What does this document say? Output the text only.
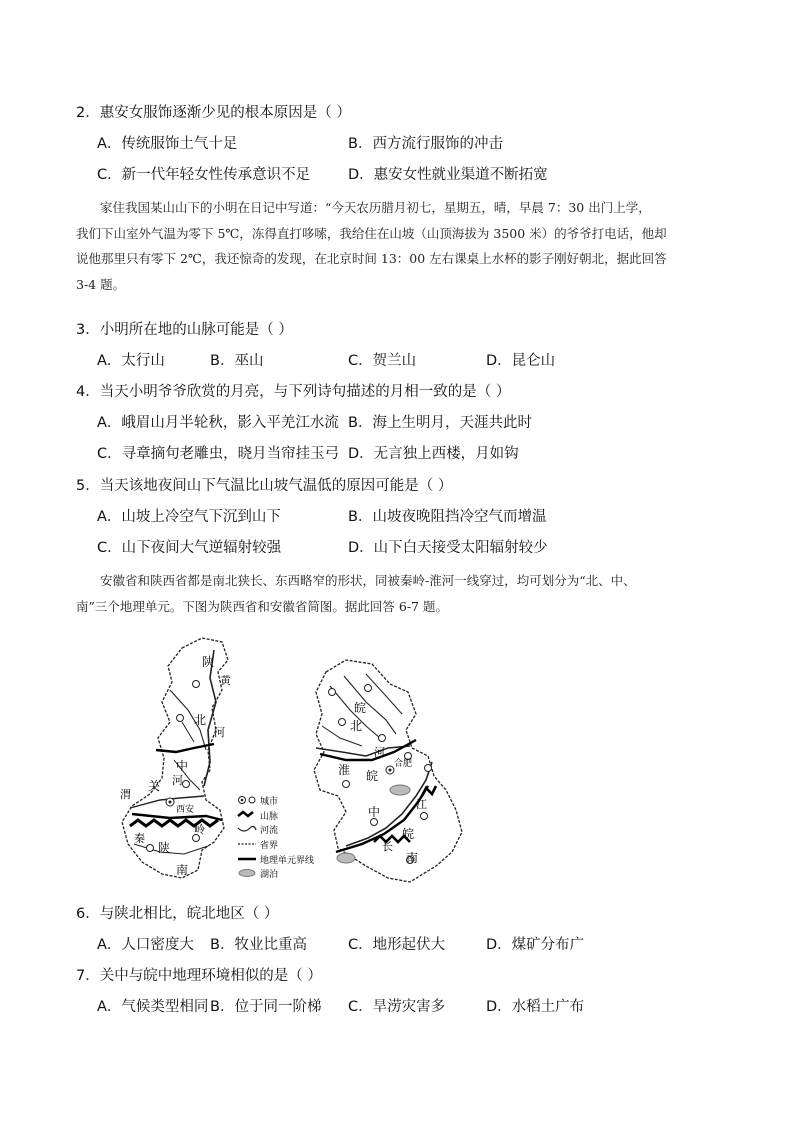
2．惠安女服饰逐渐少见的根本原因是（ ）
A．传统服饰土气十足	B．西方流行服饰的冲击
C．新一代年轻女性传承意识不足	D．惠安女性就业渠道不断拓宽
家住我国某山山下的小明在日记中写道：“今天农历腊月初七，星期五，晴，早晨 7：30 出门上学，
我们下山室外气温为零下 5℃，冻得直打哆嗦，我给住在山坡（山顶海拔为 3500 米）的爷爷打电话，他却
说他那里只有零下 2℃，我还惊奇的发现，在北京时间 13：00 左右课桌上水杯的影子刚好朝北，据此回答
3-4 题。
3．小明所在地的山脉可能是（ ）
A．太行山	B．巫山	C．贺兰山	D．昆仑山
4．当天小明爷爷欣赏的月亮，与下列诗句描述的月相一致的是（ ）
A．峨眉山月半轮秋，影入平羌江水流 B．海上生明月，天涯共此时
C．寻章摘句老雕虫，晓月当帘挂玉弓 D．无言独上西楼，月如钩
5．当天该地夜间山下气温比山坡气温低的原因可能是（ ）
A．山坡上冷空气下沉到山下	B．山坡夜晚阻挡冷空气而增温
C．山下夜间大气逆辐射较强	D．山下白天接受太阳辐射较少
安徽省和陕西省都是南北狭长、东西略窄的形状，同被秦岭-淮河一线穿过，均可划分为“北、中、
南”三个地理单元。下图为陕西省和安徽省简图。据此回答 6-7 题。
陕
黄
北
河
中
关
渭
河
西安
秦
岭
陕
南
城市
山脉
河流
省界
地理单元界线
湖泊
皖
北
淮
河
皖
合肥
中
江
长
皖
南
6．与陕北相比，皖北地区（ ）
A．人口密度大 B．牧业比重高	C．地形起伏大	D．煤矿分布广
7．关中与皖中地理环境相似的是（ ）
A．气候类型相同 B．位于同一阶梯 C．旱涝灾害多	D．水稻土广布
